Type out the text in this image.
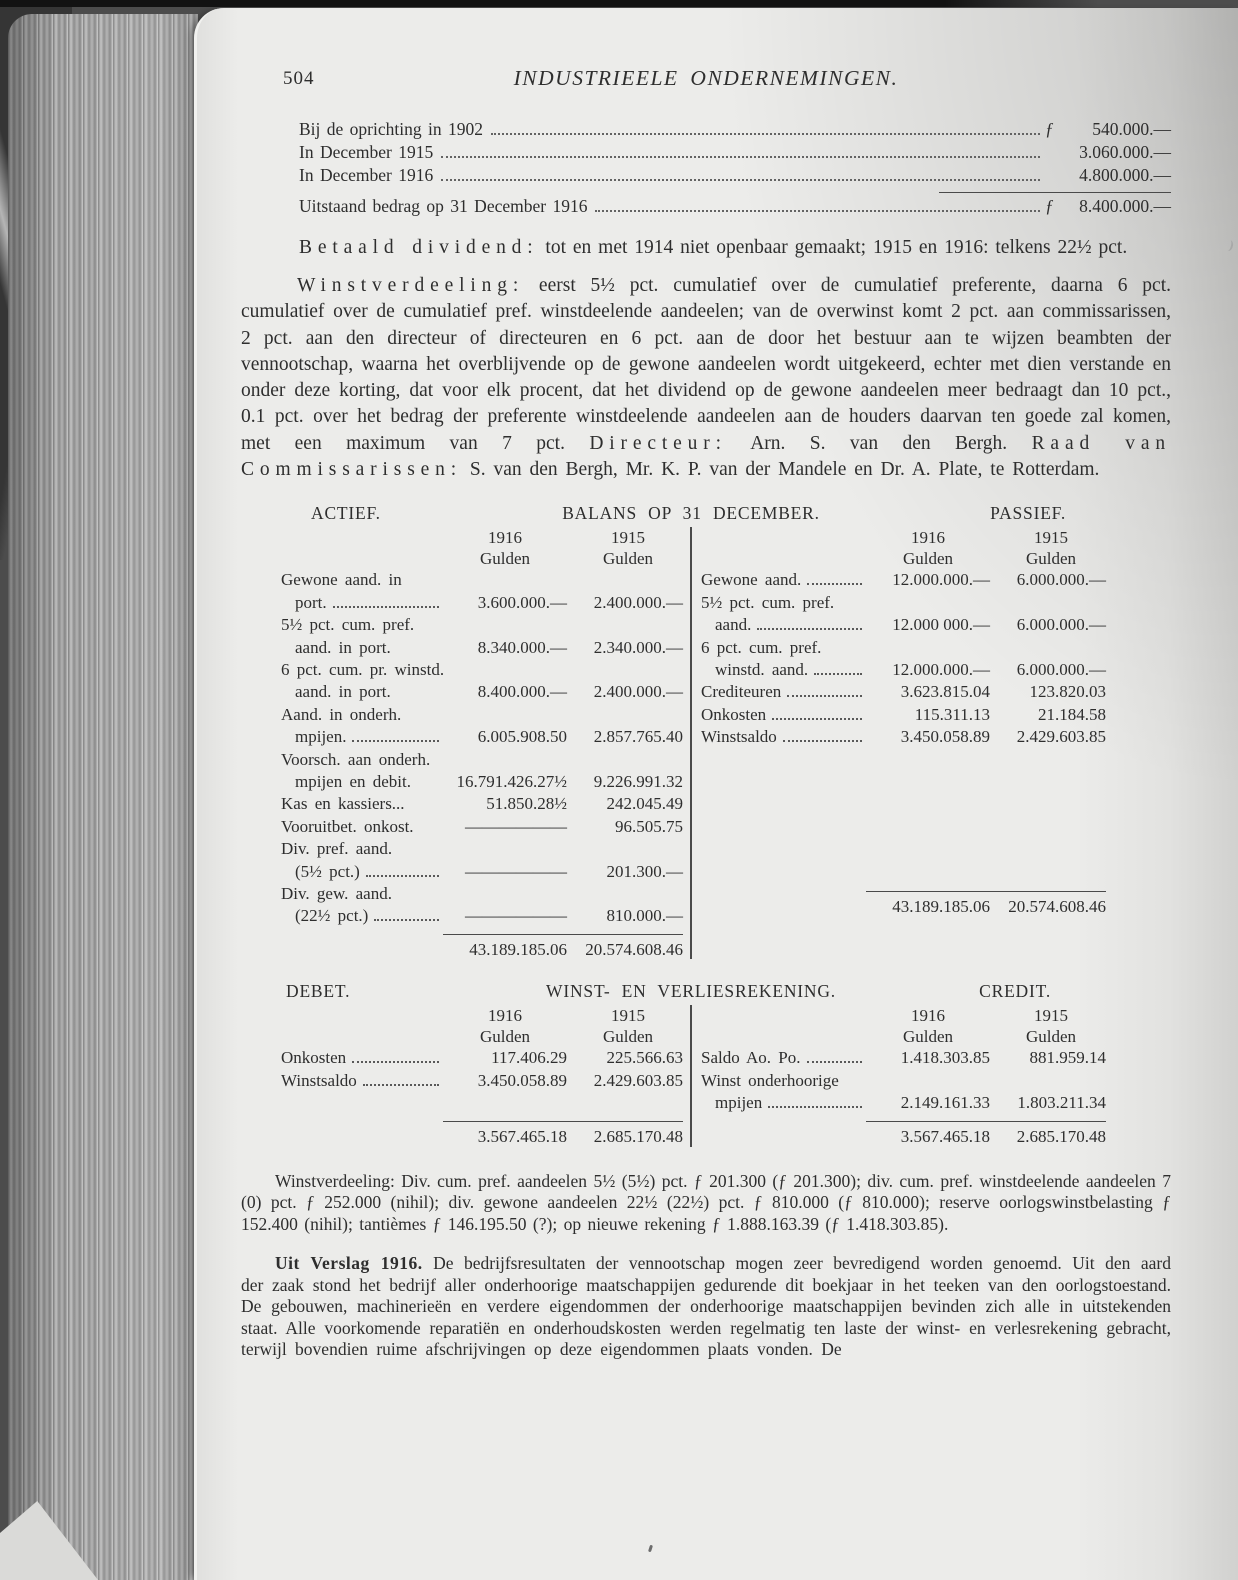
504	INDUSTRIEELE ONDERNEMINGEN.
Bij de oprichting in 1902	ƒ	540.000.—
In December 1915	3.060.000.—
In December 1916	4.800.000.—
Uitstaand bedrag op 31 December 1916	ƒ	8.400.000.—

Betaald dividend: tot en met 1914 niet openbaar gemaakt; 1915 en 1916: telkens 22½ pct.

Winstverdeeling: eerst 5½ pct. cumulatief over de cumulatief preferente, daarna 6 pct. cumulatief over de cumulatief pref. winstdeelende aandeelen; van de overwinst komt 2 pct. aan commissarissen, 2 pct. aan den directeur of directeuren en 6 pct. aan de door het bestuur aan te wijzen beambten der vennootschap, waarna het overblijvende op de gewone aandeelen wordt uitgekeerd, echter met dien verstande en onder deze korting, dat voor elk procent, dat het dividend op de gewone aandeelen meer bedraagt dan 10 pct., 0.1 pct. over het bedrag der preferente winstdeelende aandeelen aan de houders daarvan ten goede zal komen, met een maximum van 7 pct. Directeur: Arn. S. van den Bergh. Raad van Commissarissen: S. van den Bergh, Mr. K. P. van der Mandele en Dr. A. Plate, te Rotterdam.

ACTIEF.	BALANS OP 31 DECEMBER.	PASSIEF.
1916	1915
Gulden	Gulden
Gewone aand. in
port.	3.600.000.—	2.400.000.—
5½ pct. cum. pref.
aand. in port.	8.340.000.—	2.340.000.—
6 pct. cum. pr. winstd.
aand. in port.	8.400.000.—	2.400.000.—
Aand. in onderh.
mpijen.	6.005.908.50	2.857.765.40
Voorsch. aan onderh.
mpijen en debit.	16.791.426.27½	9.226.991.32
Kas en kassiers...	51.850.28½	242.045.49
Vooruitbet. onkost.	——————	96.505.75
Div. pref. aand.
(5½ pct.)	——————	201.300.—
Div. gew. aand.
(22½ pct.)	——————	810.000.—
43.189.185.06	20.574.608.46
1916	1915
Gulden	Gulden
Gewone aand.	12.000.000.—	6.000.000.—
5½ pct. cum. pref.
aand.	12.000 000.—	6.000.000.—
6 pct. cum. pref.
winstd. aand.	12.000.000.—	6.000.000.—
Crediteuren	3.623.815.04	123.820.03
Onkosten	115.311.13	21.184.58
Winstsaldo	3.450.058.89	2.429.603.85
43.189.185.06	20.574.608.46
DEBET.	WINST- EN VERLIESREKENING.	CREDIT.
1916	1915
Gulden	Gulden
Onkosten	117.406.29	225.566.63
Winstsaldo	3.450.058.89	2.429.603.85
3.567.465.18	2.685.170.48
1916	1915
Gulden	Gulden
Saldo Ao. Po.	1.418.303.85	881.959.14
Winst onderhoorige
mpijen	2.149.161.33	1.803.211.34
3.567.465.18	2.685.170.48

Winstverdeeling: Div. cum. pref. aandeelen 5½ (5½) pct. ƒ 201.300 (ƒ 201.300); div. cum. pref. winstdeelende aandeelen 7 (0) pct. ƒ 252.000 (nihil); div. gewone aandeelen 22½ (22½) pct. ƒ 810.000 (ƒ 810.000); reserve oorlogswinstbelasting ƒ 152.400 (nihil); tantièmes ƒ 146.195.50 (?); op nieuwe rekening ƒ 1.888.163.39 (ƒ 1.418.303.85).

Uit Verslag 1916. De bedrijfsresultaten der vennootschap mogen zeer bevredigend worden genoemd. Uit den aard der zaak stond het bedrijf aller onderhoorige maatschappijen gedurende dit boekjaar in het teeken van den oorlogstoestand. De gebouwen, machinerieën en verdere eigendommen der onderhoorige maatschappijen bevinden zich alle in uitstekenden staat. Alle voorkomende reparatiën en onderhoudskosten werden regelmatig ten laste der winst- en verlesrekening gebracht, terwijl bovendien ruime afschrijvingen op deze eigendommen plaats vonden. De
